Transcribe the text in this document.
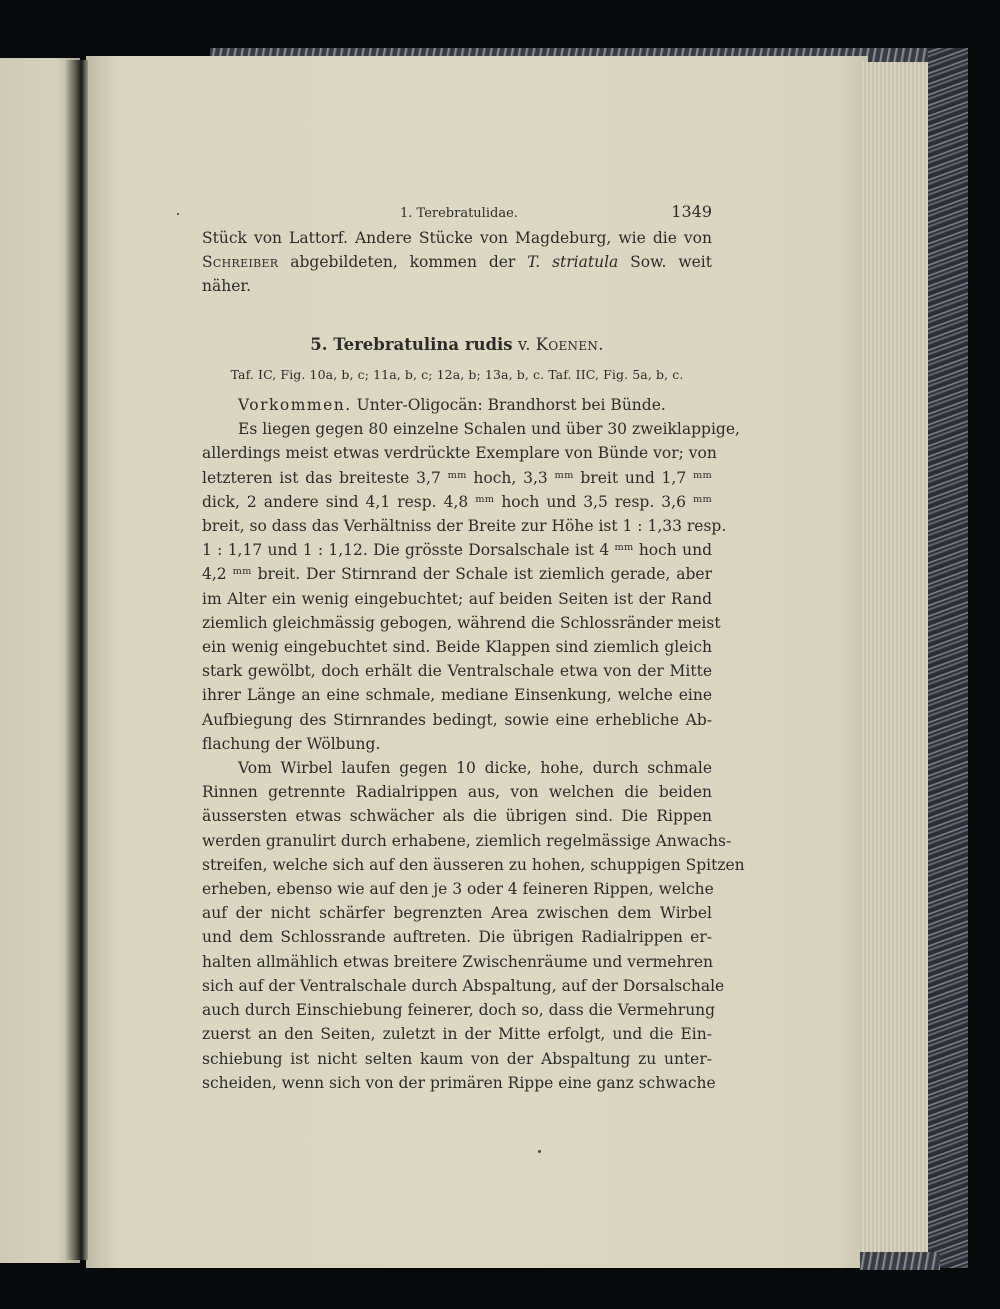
1. Terebratulidae.	1349
Stück von Lattorf. Andere Stücke von Magdeburg, wie die von
Schreiber abgebildeten, kommen der T. striatula Sow. weit
näher.
5. Terebratulina rudis v. Koenen.
Taf. IC, Fig. 10a, b, c; 11a, b, c; 12a, b; 13a, b, c. Taf. IIC, Fig. 5a, b, c.
Vorkommen. Unter-Oligocän: Brandhorst bei Bünde.
Es liegen gegen 80 einzelne Schalen und über 30 zweiklappige,
allerdings meist etwas verdrückte Exemplare von Bünde vor; von
letzteren ist das breiteste 3,7 ᵐᵐ hoch, 3,3 ᵐᵐ breit und 1,7 ᵐᵐ
dick, 2 andere sind 4,1 resp. 4,8 ᵐᵐ hoch und 3,5 resp. 3,6 ᵐᵐ
breit, so dass das Verhältniss der Breite zur Höhe ist 1 : 1,33 resp.
1 : 1,17 und 1 : 1,12. Die grösste Dorsalschale ist 4 ᵐᵐ hoch und
4,2 ᵐᵐ breit. Der Stirnrand der Schale ist ziemlich gerade, aber
im Alter ein wenig eingebuchtet; auf beiden Seiten ist der Rand
ziemlich gleichmässig gebogen, während die Schlossränder meist
ein wenig eingebuchtet sind. Beide Klappen sind ziemlich gleich
stark gewölbt, doch erhält die Ventralschale etwa von der Mitte
ihrer Länge an eine schmale, mediane Einsenkung, welche eine
Aufbiegung des Stirnrandes bedingt, sowie eine erhebliche Ab-
flachung der Wölbung.
Vom Wirbel laufen gegen 10 dicke, hohe, durch schmale
Rinnen getrennte Radialrippen aus, von welchen die beiden
äussersten etwas schwächer als die übrigen sind. Die Rippen
werden granulirt durch erhabene, ziemlich regelmässige Anwachs-
streifen, welche sich auf den äusseren zu hohen, schuppigen Spitzen
erheben, ebenso wie auf den je 3 oder 4 feineren Rippen, welche
auf der nicht schärfer begrenzten Area zwischen dem Wirbel
und dem Schlossrande auftreten. Die übrigen Radialrippen er-
halten allmählich etwas breitere Zwischenräume und vermehren
sich auf der Ventralschale durch Abspaltung, auf der Dorsalschale
auch durch Einschiebung feinerer, doch so, dass die Vermehrung
zuerst an den Seiten, zuletzt in der Mitte erfolgt, und die Ein-
schiebung ist nicht selten kaum von der Abspaltung zu unter-
scheiden, wenn sich von der primären Rippe eine ganz schwache
